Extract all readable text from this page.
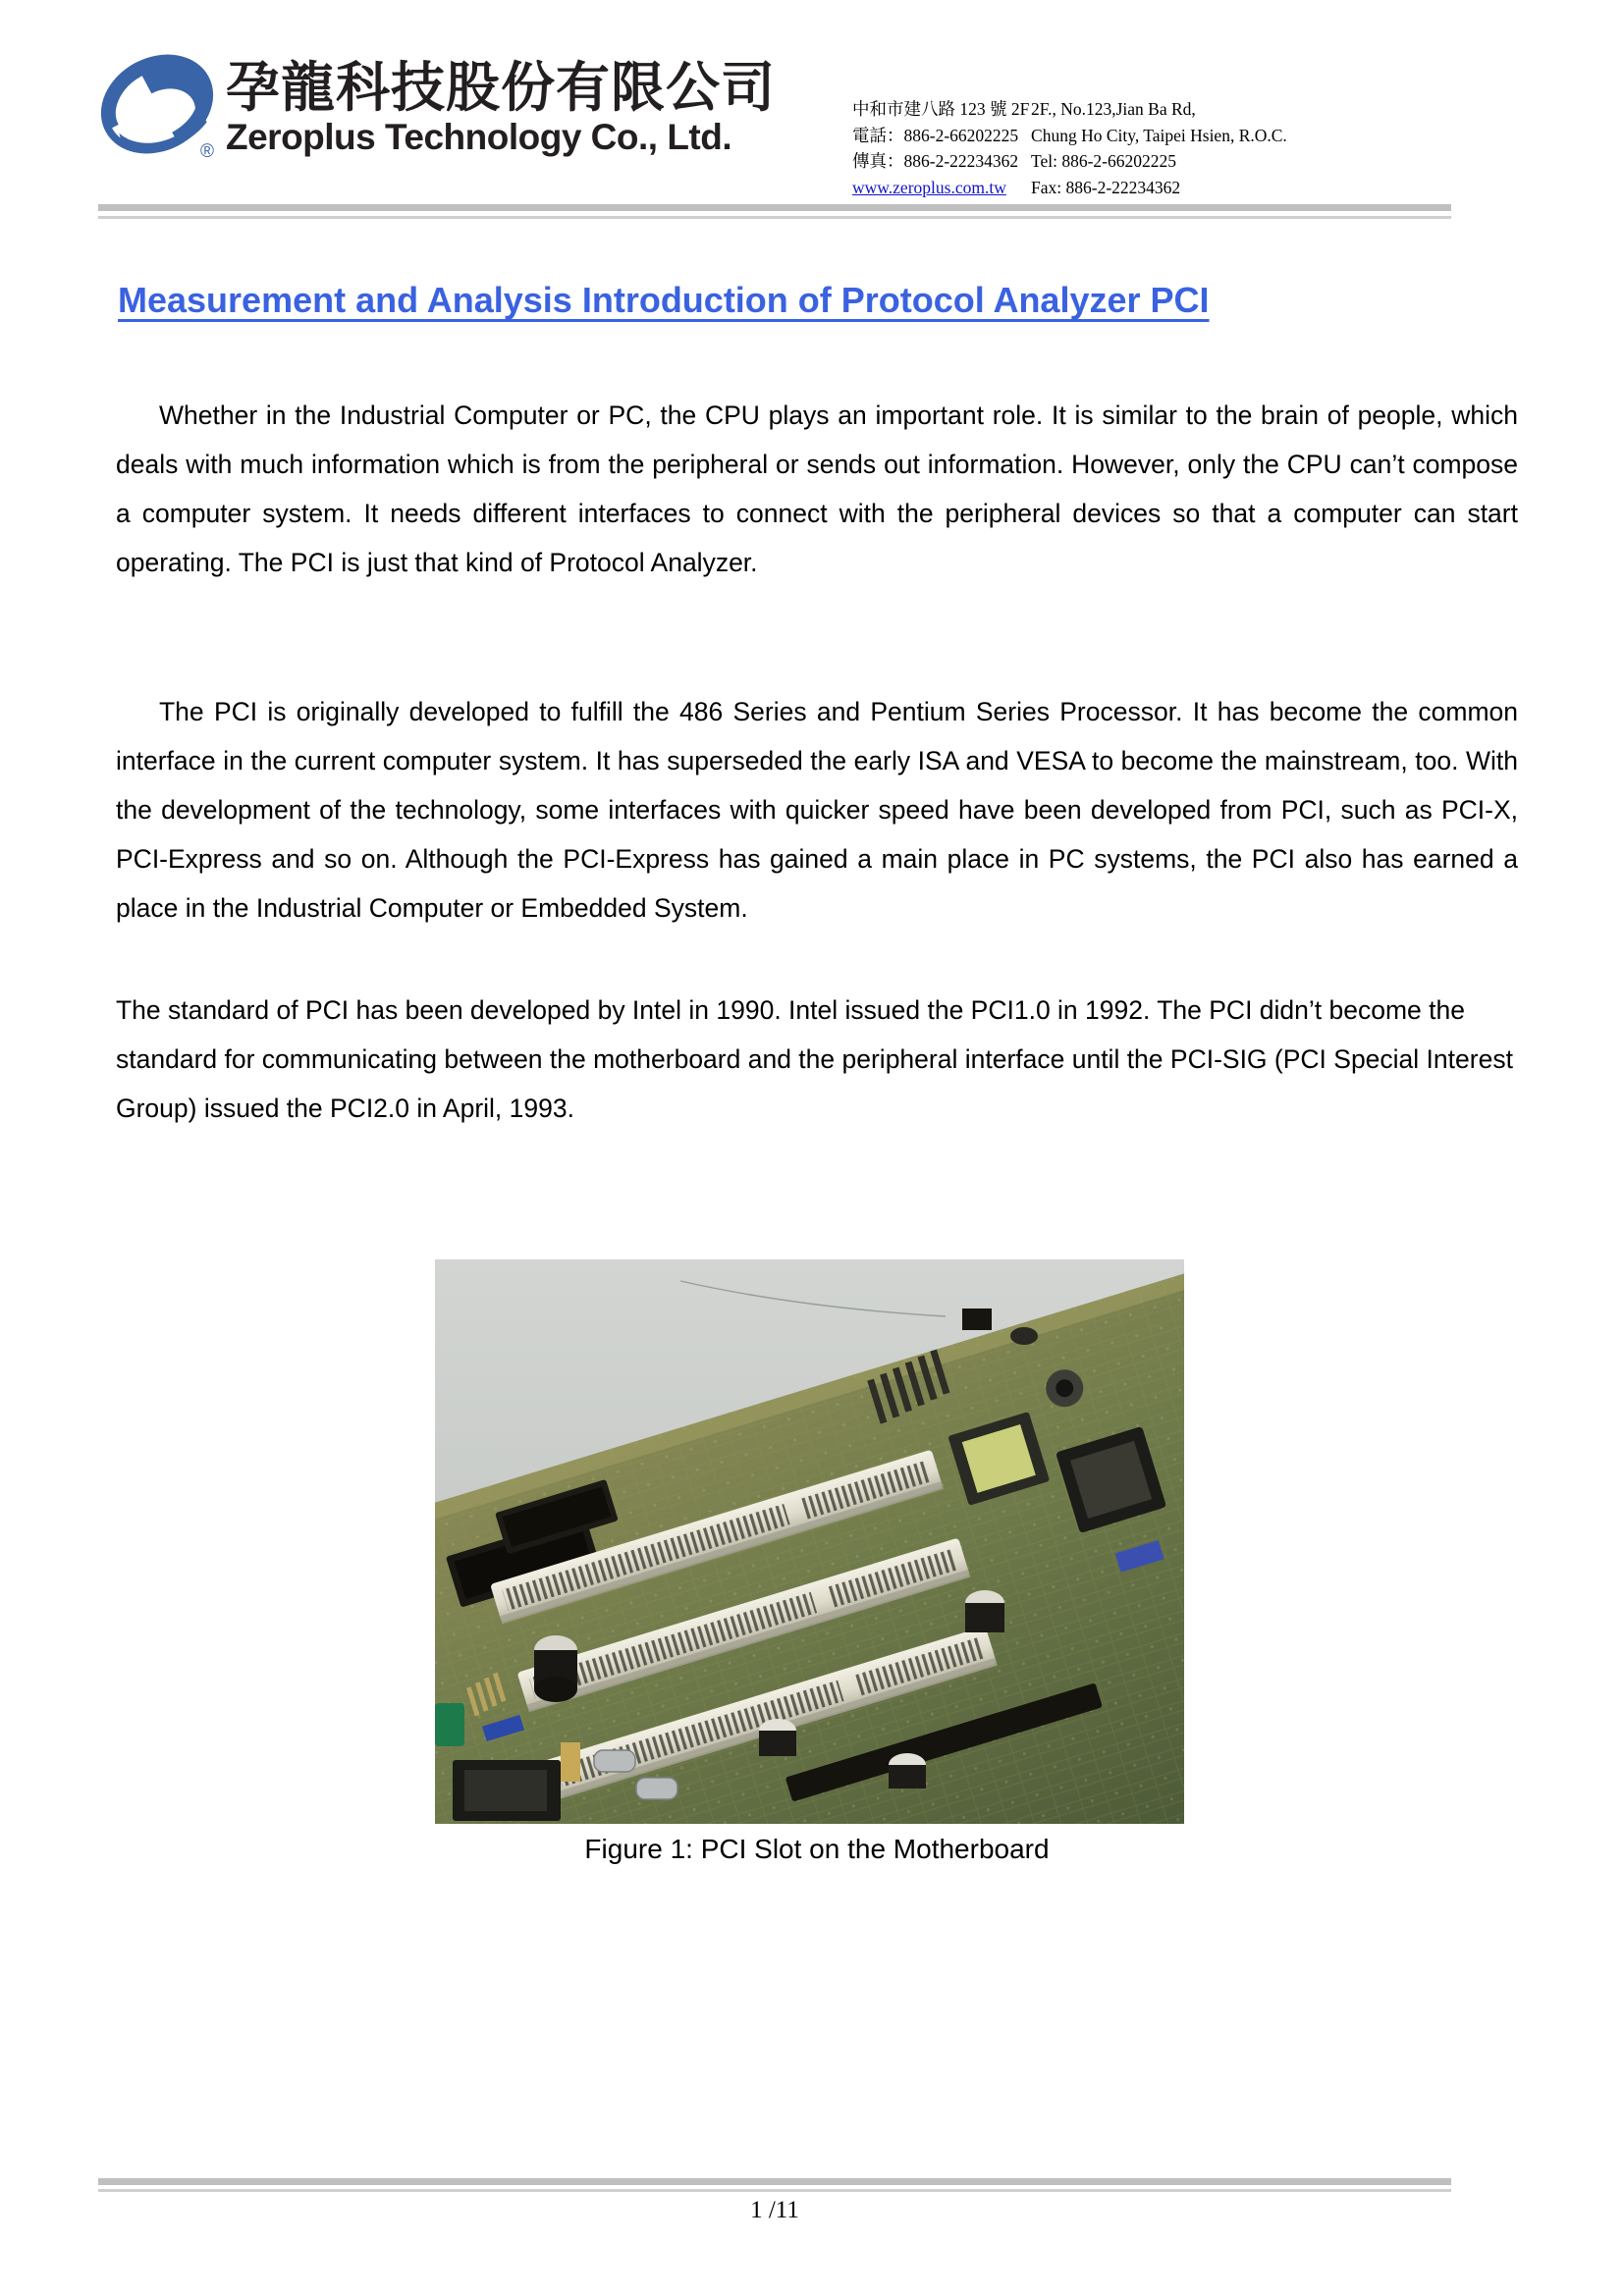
®
孕龍科技股份有限公司
Zeroplus Technology Co., Ltd.
中和市建八路 123 號 2F
電話：886-2-66202225
傳真：886-2-22234362
www.zeroplus.com.tw
2F., No.123,Jian Ba Rd,
Chung Ho City, Taipei Hsien, R.O.C.
Tel: 886-2-66202225
Fax: 886-2-22234362
Measurement and Analysis Introduction of Protocol Analyzer PCI
Whether in the Industrial Computer or PC, the CPU plays an important role. It is similar to the brain of people, which deals with much information which is from the peripheral or sends out information. However, only the CPU can’t compose a computer system. It needs different interfaces to connect with the peripheral devices so that a computer can start operating. The PCI is just that kind of Protocol Analyzer.
The PCI is originally developed to fulfill the 486 Series and Pentium Series Processor. It has become the common interface in the current computer system. It has superseded the early ISA and VESA to become the mainstream, too. With the development of the technology, some interfaces with quicker speed have been developed from PCI, such as PCI-X, PCI-Express and so on. Although the PCI-Express has gained a main place in PC systems, the PCI also has earned a place in the Industrial Computer or Embedded System.
The standard of PCI has been developed by Intel in 1990. Intel issued the PCI1.0 in 1992. The PCI didn’t become the standard for communicating between the motherboard and the peripheral interface until the PCI-SIG (PCI Special Interest Group) issued the PCI2.0 in April, 1993.
Figure 1: PCI Slot on the Motherboard
1 /11
